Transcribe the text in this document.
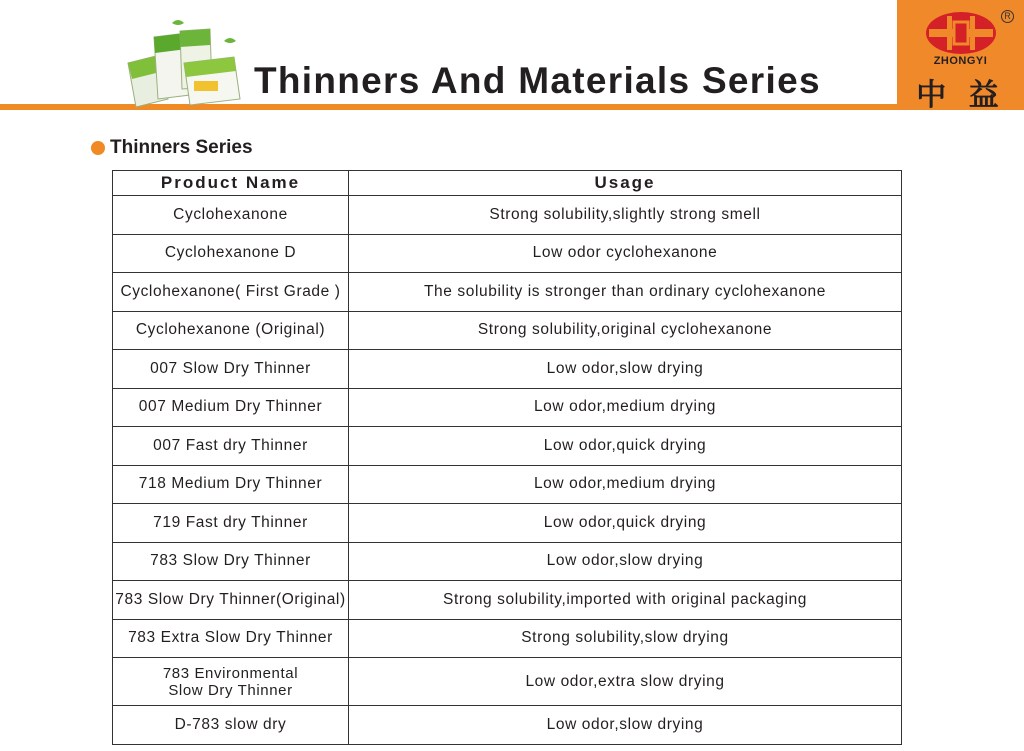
Thinners And Materials Series
R
ZHONGYI
中 益
Thinners Series
Product Name	Usage
Cyclohexanone	Strong solubility,slightly strong smell
Cyclohexanone D	Low odor cyclohexanone
Cyclohexanone( First Grade )	The solubility is stronger than ordinary cyclohexanone
Cyclohexanone (Original)	Strong solubility,original cyclohexanone
007 Slow Dry Thinner	Low odor,slow drying
007 Medium Dry Thinner	Low odor,medium drying
007 Fast dry Thinner	Low odor,quick drying
718 Medium Dry Thinner	Low odor,medium drying
719 Fast dry Thinner	Low odor,quick drying
783 Slow Dry Thinner	Low odor,slow drying
783 Slow Dry Thinner(Original)	Strong solubility,imported with original packaging
783 Extra Slow Dry Thinner	Strong solubility,slow drying

783 Environmental
Slow Dry Thinner	Low odor,extra slow drying
D-783 slow dry	Low odor,slow drying
